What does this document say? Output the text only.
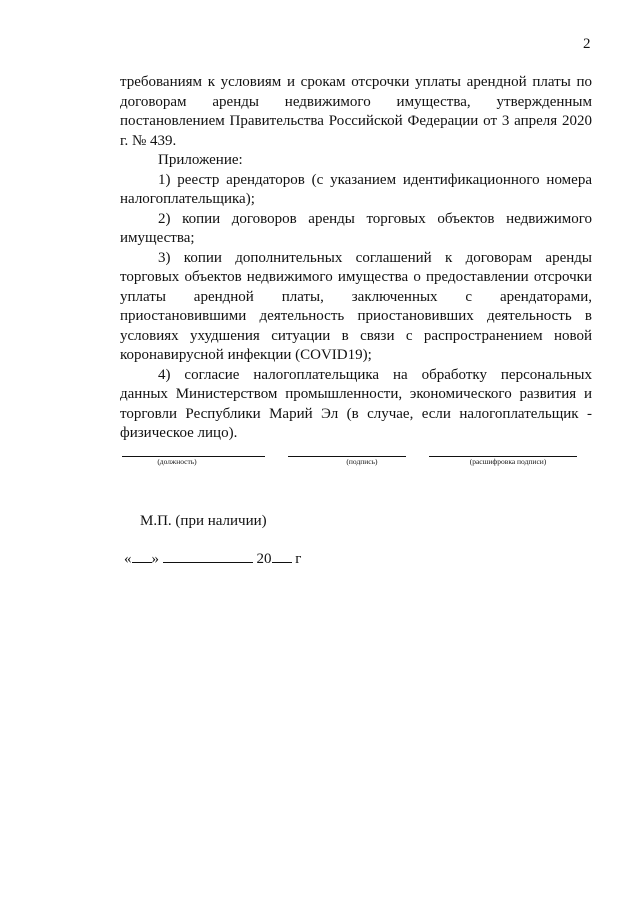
2

требованиям к условиям и срокам отсрочки уплаты арендной платы по договорам аренды недвижимого имущества, утвержденным постановлением Правительства Российской Федерации от 3 апреля 2020 г. № 439.

Приложение:

1) реестр арендаторов (с указанием идентификационного номера налогоплательщика);

2) копии договоров аренды торговых объектов недвижимого имущества;

3) копии дополнительных соглашений к договорам аренды торговых объектов недвижимого имущества о предоставлении отсрочки уплаты арендной платы, заключенных с арендаторами, приостановившими деятельность приостановивших деятельность в условиях ухудшения ситуации в связи с распространением новой коронавирусной инфекции (COVID19);

4) согласие налогоплательщика на обработку персональных данных Министерством промышленности, экономического развития и торговли Республики Марий Эл (в случае, если налогоплательщик - физическое лицо).

(должность)	(подпись)	(расшифровка подписи)
М.П. (при наличии)
« »	20 г
